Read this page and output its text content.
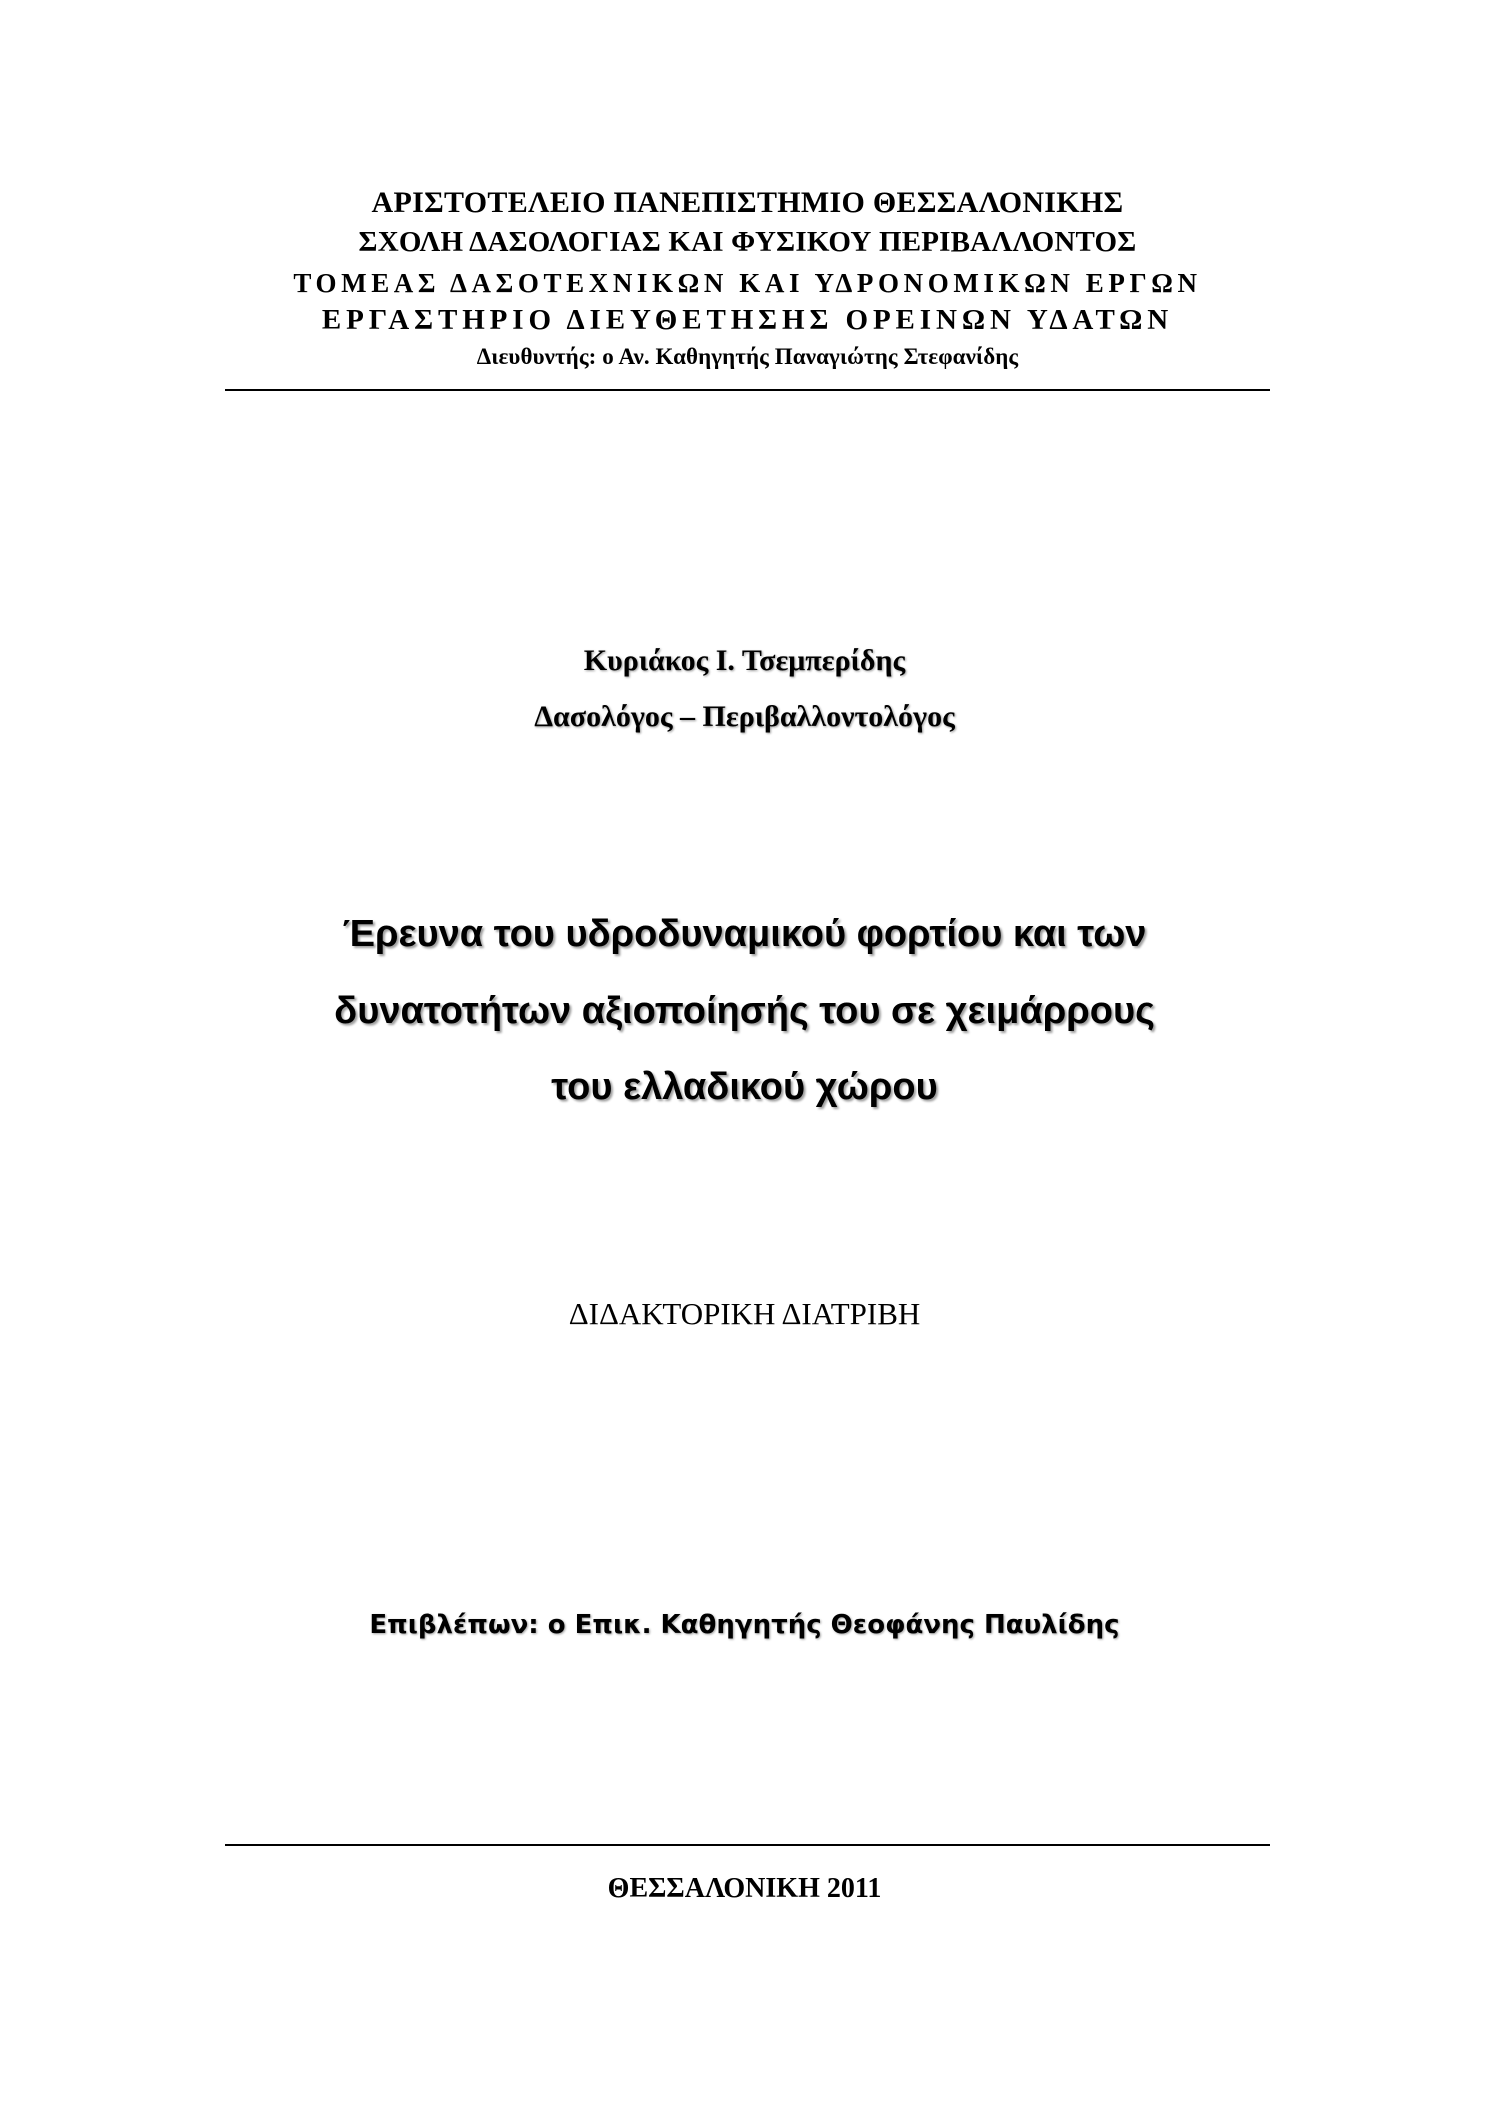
ΑΡΙΣΤΟΤΕΛΕΙΟ ΠΑΝΕΠΙΣΤΗΜΙΟ ΘΕΣΣΑΛΟΝΙΚΗΣ
ΣΧΟΛΗ ΔΑΣΟΛΟΓΙΑΣ ΚΑΙ ΦΥΣΙΚΟΥ ΠΕΡΙΒΑΛΛΟΝΤΟΣ
ΤΟΜΕΑΣ ΔΑΣΟΤΕΧΝΙΚΩΝ ΚΑΙ ΥΔΡΟΝΟΜΙΚΩΝ ΕΡΓΩΝ
ΕΡΓΑΣΤΗΡΙΟ ΔΙΕΥΘΕΤΗΣΗΣ ΟΡΕΙΝΩΝ ΥΔΑΤΩΝ
Διευθυντής: ο Αν. Καθηγητής Παναγιώτης Στεφανίδης
Κυριάκος Ι. Τσεμπερίδης
Δασολόγος – Περιβαλλοντολόγος
Έρευνα του υδροδυναμικού φορτίου και των
δυνατοτήτων αξιοποίησής του σε χειμάρρους
του ελλαδικού χώρου
ΔΙΔΑΚΤΟΡΙΚΗ ΔΙΑΤΡΙΒΗ
Επιβλέπων: ο Επικ. Καθηγητής Θεοφάνης Παυλίδης
ΘΕΣΣΑΛΟΝΙΚΗ 2011
